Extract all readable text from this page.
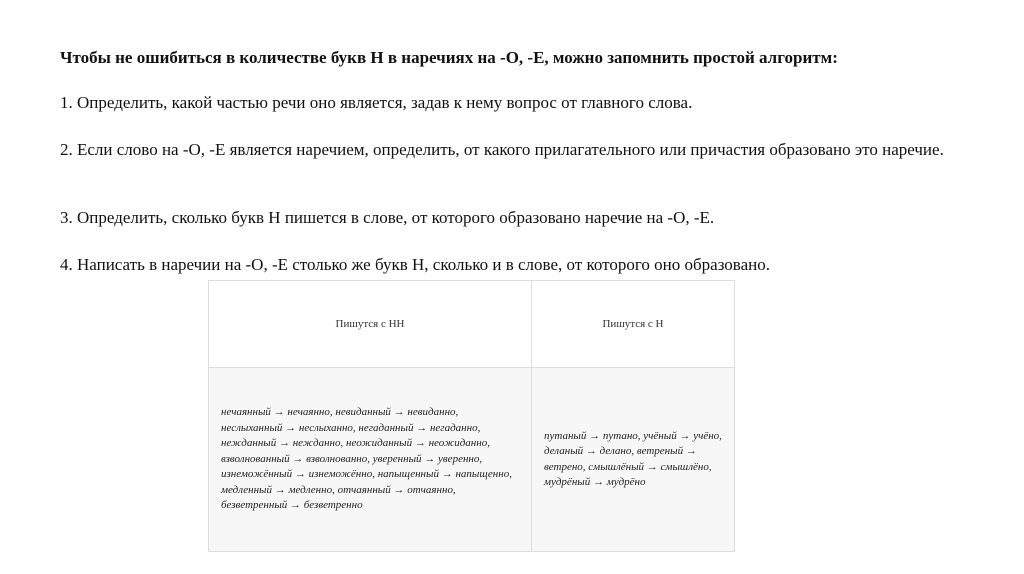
Чтобы не ошибиться в количестве букв Н в наречиях на -О, -Е, можно запомнить простой алгоритм:
1. Определить, какой частью речи оно является, задав к нему вопрос от главного слова.
2. Если слово на -О, -Е является наречием, определить, от какого прилагательного или причастия образовано это наречие.
3. Определить, сколько букв Н пишется в слове, от которого образовано наречие на -О, -Е.
4. Написать в наречии на -О, -Е столько же букв Н, сколько и в слове, от которого оно образовано.
Пишутся с НН	Пишутся с Н
нечаянный → нечаянно, невиданный → невиданно, неслыханный → неслыханно, негаданный → негаданно, нежданный → нежданно, неожиданный → неожиданно, взволнованный → взволнованно, уверенный → уверенно, изнеможённый → изнеможённо, напыщенный → напыщенно, медленный → медленно, отчаянный → отчаянно, безветренный → безветренно	путаный → путано, учёный → учёно, деланый → делано, ветреный → ветрено, смышлёный → смышлёно, мудрёный → мудрёно
